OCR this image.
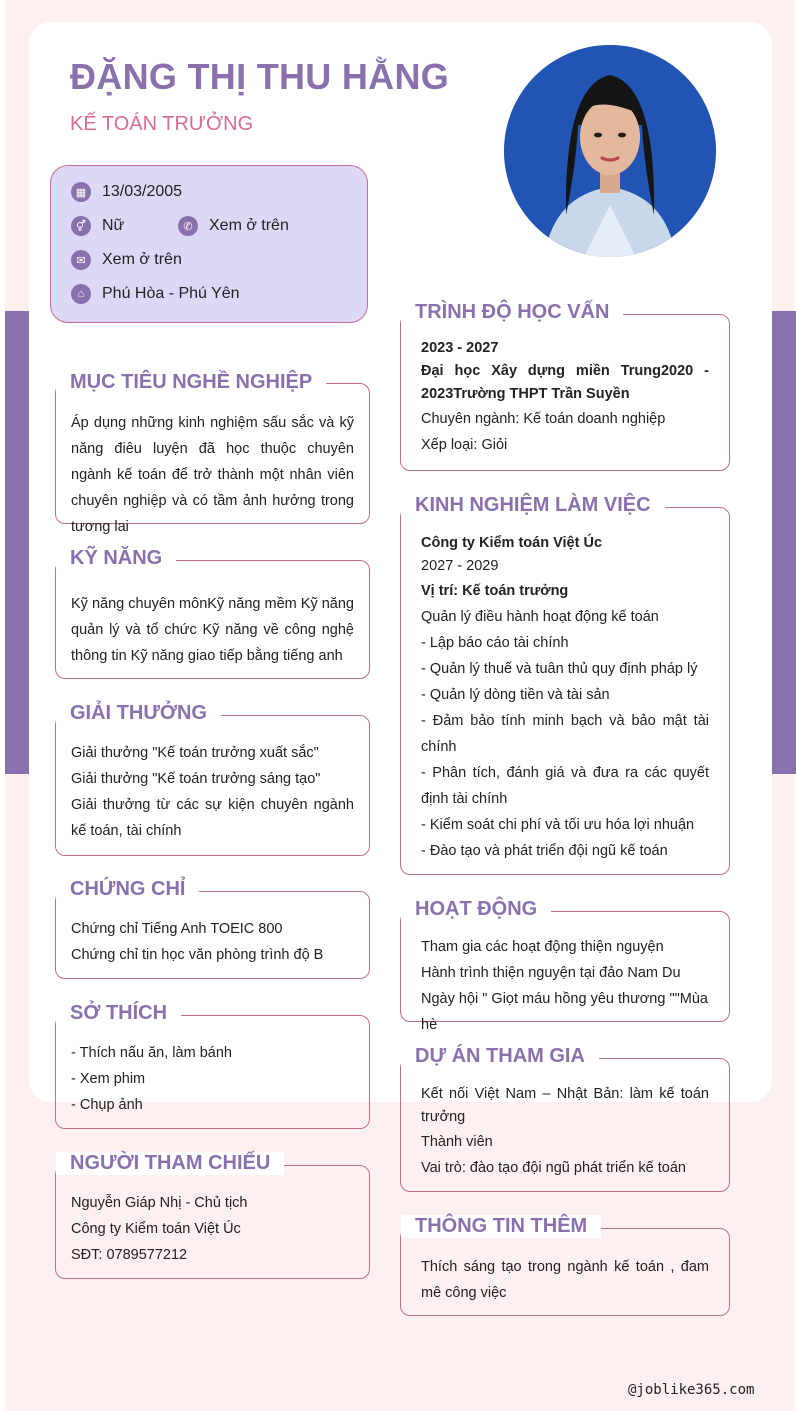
ĐẶNG THỊ THU HẰNG
KẾ TOÁN TRƯỞNG
▦ 13/03/2005
⚥	Nữ	✆	Xem ở trên
✉	Xem ở trên
⌂	Phú Hòa - Phú Yên
Áp dụng những kinh nghiệm sấu sắc và kỹ năng điêu luyện đã học thuộc chuyên ngành kế toán để trở thành một nhân viên chuyên nghiệp và có tầm ảnh hưởng trong tương lai
MỤC TIÊU NGHỀ NGHIỆP
Kỹ năng chuyên mônKỹ năng mềm Kỹ năng quản lý và tổ chức Kỹ năng về công nghệ thông tin Kỹ năng giao tiếp bằng tiếng anh
KỸ NĂNG

Giải thưởng "Kế toán trưởng xuất sắc"

Giải thưởng "Kế toán trưởng sáng tạo"

Giải thưởng từ các sự kiện chuyên ngành kế toán, tài chính

GIẢI THƯỞNG

Chứng chỉ Tiếng Anh TOEIC 800

Chứng chỉ tin học văn phòng trình độ B

CHỨNG CHỈ

- Thích nấu ăn, làm bánh

- Xem phim

- Chụp ảnh

SỞ THÍCH

Nguyễn Giáp Nhị - Chủ tịch

Công ty Kiểm toán Việt Úc

SĐT: 0789577212

NGƯỜI THAM CHIẾU

2023 - 2027

Đại học Xây dựng miền Trung2020 - 2023Trường THPT Trần Suyền

Chuyên ngành: Kế toán doanh nghiệp

Xếp loại: Giỏi

TRÌNH ĐỘ HỌC VẤN

Công ty Kiểm toán Việt Úc

2027 - 2029

Vị trí: Kế toán trưởng

Quản lý điều hành hoạt động kế toán

- Lập báo cáo tài chính

- Quản lý thuế và tuân thủ quy định pháp lý

- Quản lý dòng tiền và tài sản

- Đảm bảo tính minh bạch và bảo mật tài chính

- Phân tích, đánh giá và đưa ra các quyết định tài chính

- Kiểm soát chi phí và tối ưu hóa lợi nhuận

- Đào tạo và phát triển đội ngũ kế toán

KINH NGHIỆM LÀM VIỆC

Tham gia các hoạt động thiện nguyện

Hành trình thiện nguyện tại đảo Nam Du Ngày hội " Giọt máu hồng yêu thương ""Mùa hè

HOẠT ĐỘNG

Kết nối Việt Nam – Nhật Bản: làm kế toán trưởng

Thành viên

Vai trò: đào tạo đội ngũ phát triển kế toán

DỰ ÁN THAM GIA
Thích sáng tạo trong ngành kế toán , đam mê công việc
THÔNG TIN THÊM
@joblike365.com
